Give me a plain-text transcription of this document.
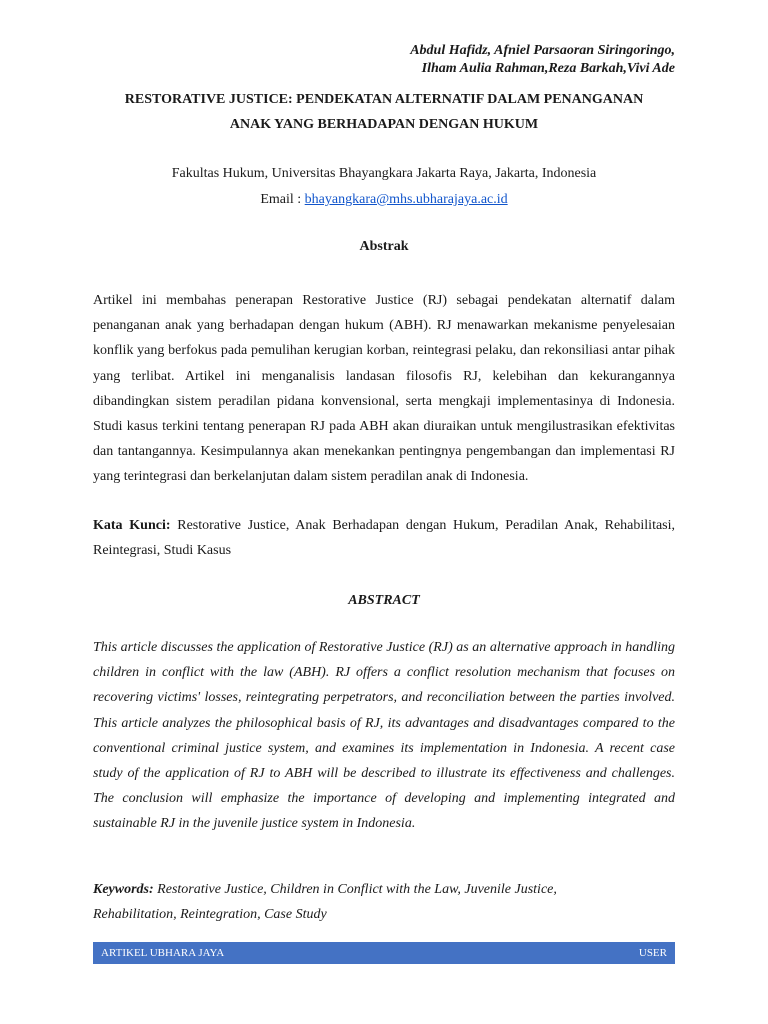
Abdul Hafidz, Afniel Parsaoran Siringoringo,
Ilham Aulia Rahman,Reza Barkah,Vivi Ade
RESTORATIVE JUSTICE: PENDEKATAN ALTERNATIF DALAM PENANGANAN
ANAK YANG BERHADAPAN DENGAN HUKUM
Fakultas Hukum, Universitas Bhayangkara Jakarta Raya, Jakarta, Indonesia
Email : bhayangkara@mhs.ubharajaya.ac.id
Abstrak
Artikel ini membahas penerapan Restorative Justice (RJ) sebagai pendekatan alternatif dalam penanganan anak yang berhadapan dengan hukum (ABH). RJ menawarkan mekanisme penyelesaian konflik yang berfokus pada pemulihan kerugian korban, reintegrasi pelaku, dan rekonsiliasi antar pihak yang terlibat. Artikel ini menganalisis landasan filosofis RJ, kelebihan dan kekurangannya dibandingkan sistem peradilan pidana konvensional, serta mengkaji implementasinya di Indonesia. Studi kasus terkini tentang penerapan RJ pada ABH akan diuraikan untuk mengilustrasikan efektivitas dan tantangannya. Kesimpulannya akan menekankan pentingnya pengembangan dan implementasi RJ yang terintegrasi dan berkelanjutan dalam sistem peradilan anak di Indonesia.
Kata Kunci: Restorative Justice, Anak Berhadapan dengan Hukum, Peradilan Anak, Rehabilitasi, Reintegrasi, Studi Kasus
ABSTRACT
This article discusses the application of Restorative Justice (RJ) as an alternative approach in handling children in conflict with the law (ABH). RJ offers a conflict resolution mechanism that focuses on recovering victims' losses, reintegrating perpetrators, and reconciliation between the parties involved. This article analyzes the philosophical basis of RJ, its advantages and disadvantages compared to the conventional criminal justice system, and examines its implementation in Indonesia. A recent case study of the application of RJ to ABH will be described to illustrate its effectiveness and challenges. The conclusion will emphasize the importance of developing and implementing integrated and sustainable RJ in the juvenile justice system in Indonesia.
Keywords: Restorative Justice, Children in Conflict with the Law, Juvenile Justice,
Rehabilitation, Reintegration, Case Study
ARTIKEL UBHARA JAYA	USER
